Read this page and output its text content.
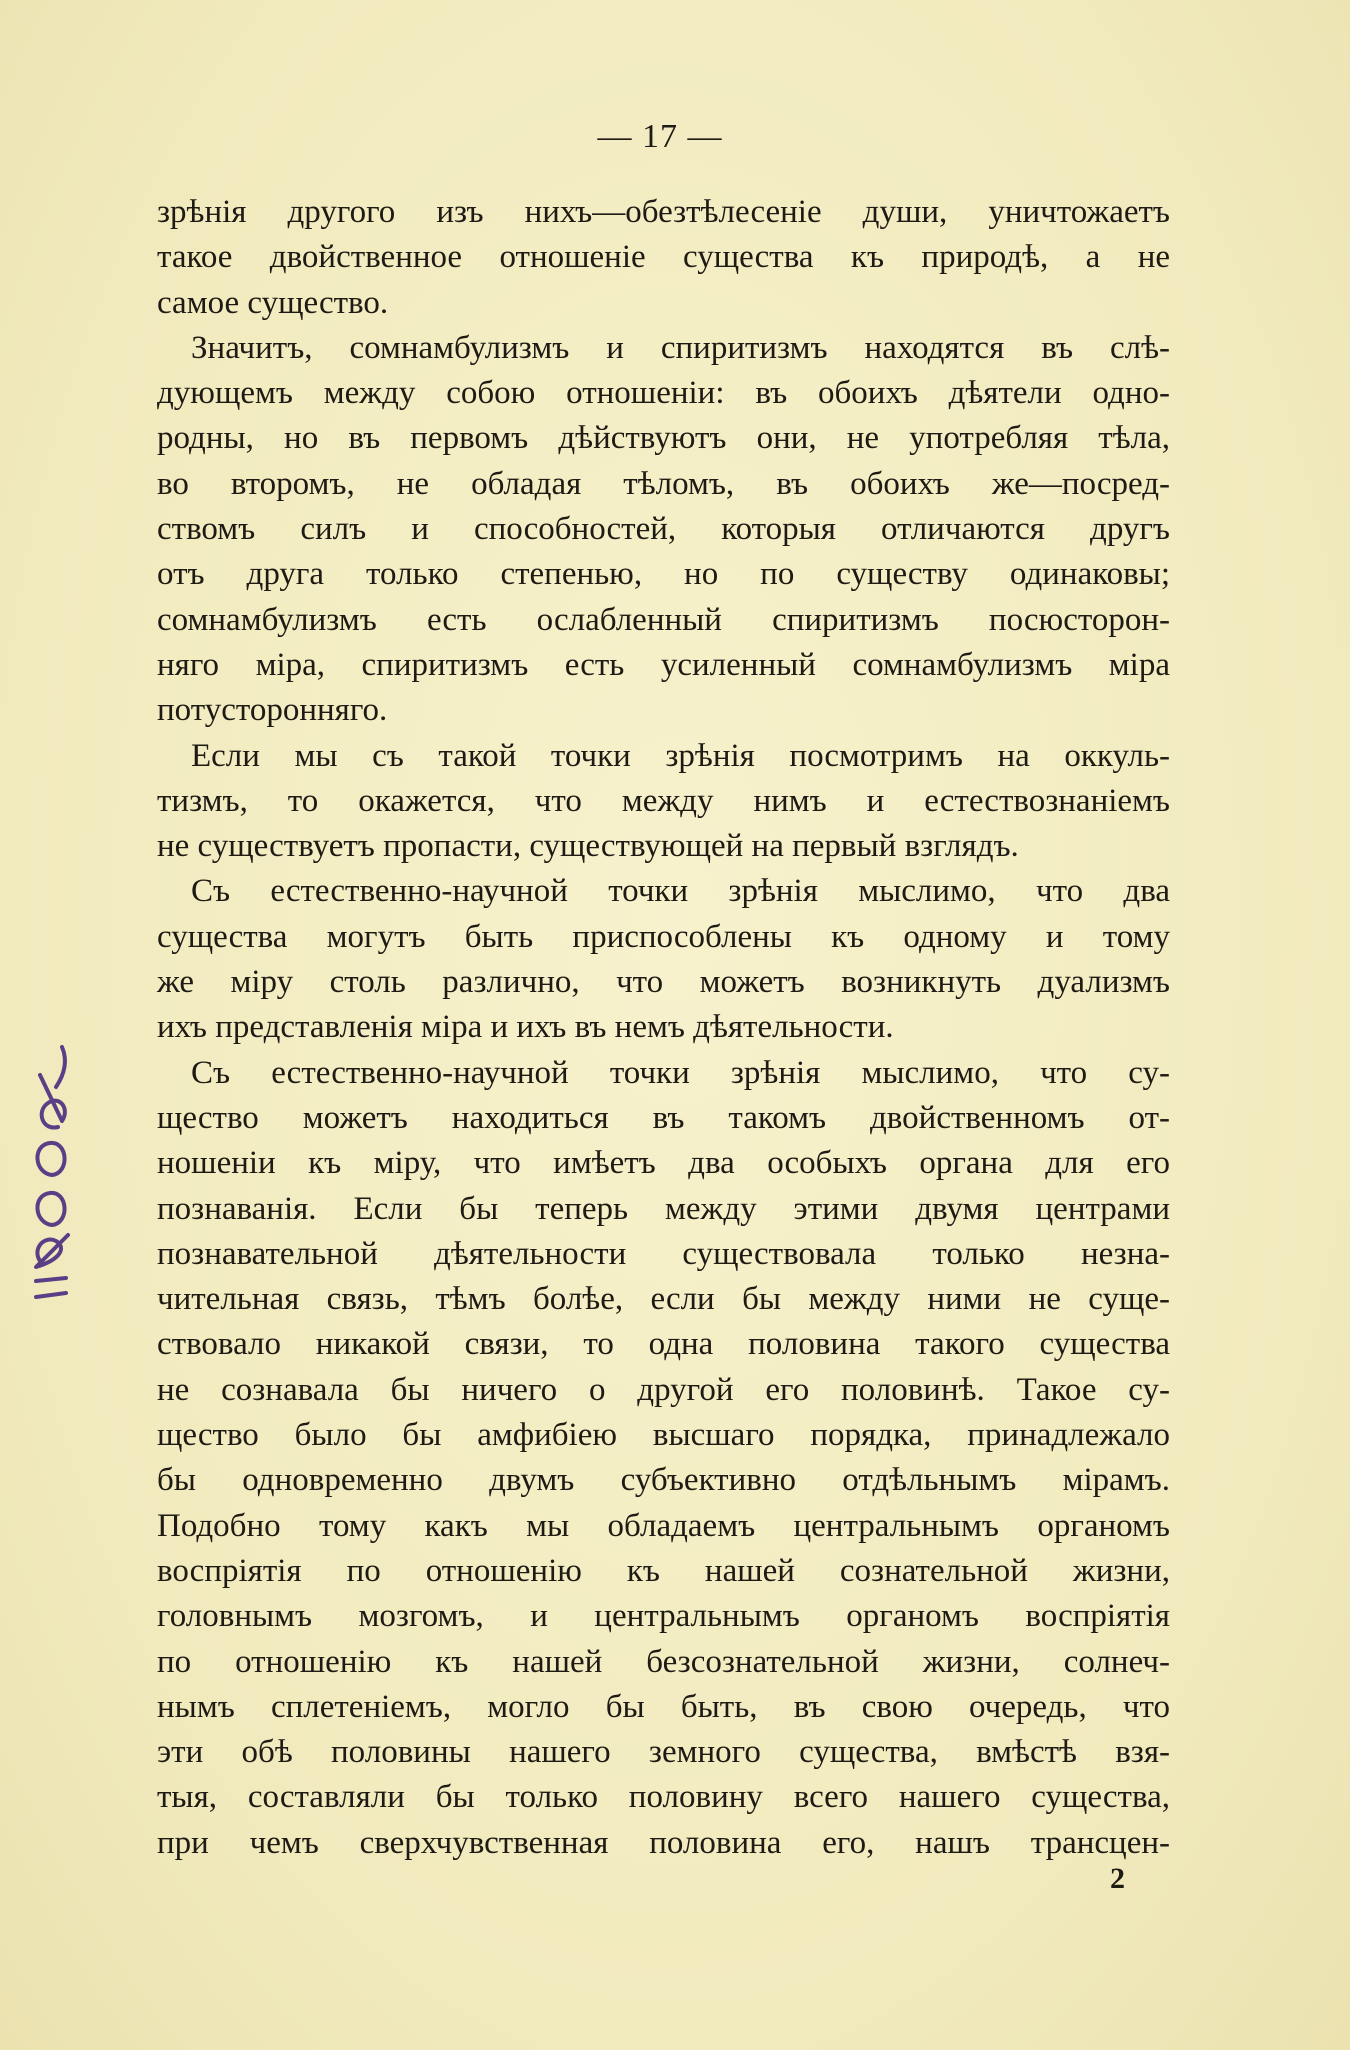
— 17 —
зрѣнія другого изъ нихъ—обезтѣлесеніе души, уничтожаетъ
такое двойственное отношеніе существа къ природѣ, а не
самое существо.
Значитъ, сомнамбулизмъ и спиритизмъ находятся въ слѣ-
дующемъ между собою отношеніи: въ обоихъ дѣятели одно-
родны, но въ первомъ дѣйствуютъ они, не употребляя тѣла,
во второмъ, не обладая тѣломъ, въ обоихъ же—посред-
ствомъ силъ и способностей, которыя отличаются другъ
отъ друга только степенью, но по существу одинаковы;
сомнамбулизмъ есть ослабленный спиритизмъ посюсторон-
няго міра, спиритизмъ есть усиленный сомнамбулизмъ міра
потусторонняго.
Если мы съ такой точки зрѣнія посмотримъ на оккуль-
тизмъ, то окажется, что между нимъ и естествознаніемъ
не существуетъ пропасти, существующей на первый взглядъ.
Съ естественно-научной точки зрѣнія мыслимо, что два
существа могутъ быть приспособлены къ одному и тому
же міру столь различно, что можетъ возникнуть дуализмъ
ихъ представленія міра и ихъ въ немъ дѣятельности.
Съ естественно-научной точки зрѣнія мыслимо, что су-
щество можетъ находиться въ такомъ двойственномъ от-
ношеніи къ міру, что имѣетъ два особыхъ органа для его
познаванія. Если бы теперь между этими двумя центрами
познавательной дѣятельности существовала только незна-
чительная связь, тѣмъ болѣе, если бы между ними не суще-
ствовало никакой связи, то одна половина такого существа
не сознавала бы ничего о другой его половинѣ. Такое су-
щество было бы амфибіею высшаго порядка, принадлежало
бы одновременно двумъ субъективно отдѣльнымъ мірамъ.
Подобно тому какъ мы обладаемъ центральнымъ органомъ
воспріятія по отношенію къ нашей сознательной жизни,
головнымъ мозгомъ, и центральнымъ органомъ воспріятія
по отношенію къ нашей безсознательной жизни, солнеч-
нымъ сплетеніемъ, могло бы быть, въ свою очередь, что
эти обѣ половины нашего земного существа, вмѣстѣ взя-
тыя, составляли бы только половину всего нашего существа,
при чемъ сверхчувственная половина его, нашъ трансцен-
2
